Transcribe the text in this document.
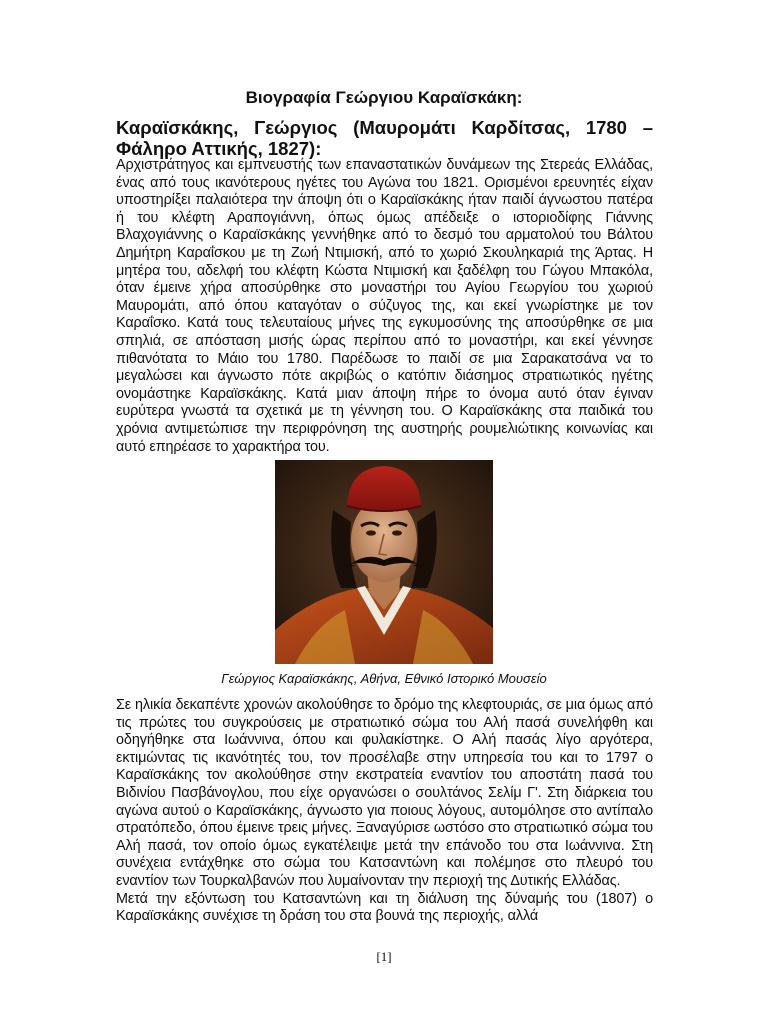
Βιογραφία Γεώργιου Καραϊσκάκη:
Καραϊσκάκης, Γεώργιος (Μαυρομάτι Καρδίτσας, 1780 – Φάληρο Αττικής, 1827):

Αρχιστράτηγος και εμπνευστής των επαναστατικών δυνάμεων της Στερεάς Ελλάδας, ένας από τους ικανότερους ηγέτες του Αγώνα του 1821. Ορισμένοι ερευνητές είχαν υποστηρίξει παλαιότερα την άποψη ότι ο Καραϊσκάκης ήταν παιδί άγνωστου πατέρα ή του κλέφτη Αραπογιάννη, όπως όμως απέδειξε ο ιστοριοδίφης Γιάννης Βλαχογιάννης ο Καραϊσκάκης γεννήθηκε από το δεσμό του αρματολού του Βάλτου Δημήτρη Καραΐσκου με τη Ζωή Ντιμισκή, από το χωριό Σκουληκαριά της Άρτας. Η μητέρα του, αδελφή του κλέφτη Κώστα Ντιμισκή και ξαδέλφη του Γώγου Μπακόλα, όταν έμεινε χήρα αποσύρθηκε στο μοναστήρι του Αγίου Γεωργίου του χωριού Μαυρομάτι, από όπου καταγόταν ο σύζυγος της, και εκεί γνωρίστηκε με τον Καραΐσκο. Κατά τους τελευταίους μήνες της εγκυμοσύνης της αποσύρθηκε σε μια σπηλιά, σε απόσταση μισής ώρας περίπου από το μοναστήρι, και εκεί γέννησε πιθανότατα το Μάιο του 1780. Παρέδωσε το παιδί σε μια Σαρακατσάνα να το μεγαλώσει και άγνωστο πότε ακριβώς ο κατόπιν διάσημος στρατιωτικός ηγέτης ονομάστηκε Καραϊσκάκης. Κατά μιαν άποψη πήρε το όνομα αυτό όταν έγιναν ευρύτερα γνωστά τα σχετικά με τη γέννηση του. Ο Καραϊσκάκης στα παιδικά του χρόνια αντιμετώπισε την περιφρόνηση της αυστηρής ρουμελιώτικης κοινωνίας και αυτό επηρέασε το χαρακτήρα του.

Γεώργιος Καραϊσκάκης, Αθήνα, Εθνικό Ιστορικό Μουσείο

Σε ηλικία δεκαπέντε χρονών ακολούθησε το δρόμο της κλεφτουριάς, σε μια όμως από τις πρώτες του συγκρούσεις με στρατιωτικό σώμα του Αλή πασά συνελήφθη και οδηγήθηκε στα Ιωάννινα, όπου και φυλακίστηκε. Ο Αλή πασάς λίγο αργότερα, εκτιμώντας τις ικανότητές του, τον προσέλαβε στην υπηρεσία του και το 1797 ο Καραϊσκάκης τον ακολούθησε στην εκστρατεία εναντίον του αποστάτη πασά του Βιδινίου Πασβάνογλου, που είχε οργανώσει ο σουλτάνος Σελίμ Γ'. Στη διάρκεια του αγώνα αυτού ο Καραϊσκάκης, άγνωστο για ποιους λόγους, αυτομόλησε στο αντίπαλο στρατόπεδο, όπου έμεινε τρεις μήνες. Ξαναγύρισε ωστόσο στο στρατιωτικό σώμα του Αλή πασά, τον οποίο όμως εγκατέλειψε μετά την επάνοδο του στα Ιωάννινα. Στη συνέχεια εντάχθηκε στο σώμα του Κατσαντώνη και πολέμησε στο πλευρό του εναντίον των Τουρκαλβανών που λυμαίνονταν την περιοχή της Δυτικής Ελλάδας.

Μετά την εξόντωση του Κατσαντώνη και τη διάλυση της δύναμής του (1807) ο Καραϊσκάκης συνέχισε τη δράση του στα βουνά της περιοχής, αλλά

[1]
